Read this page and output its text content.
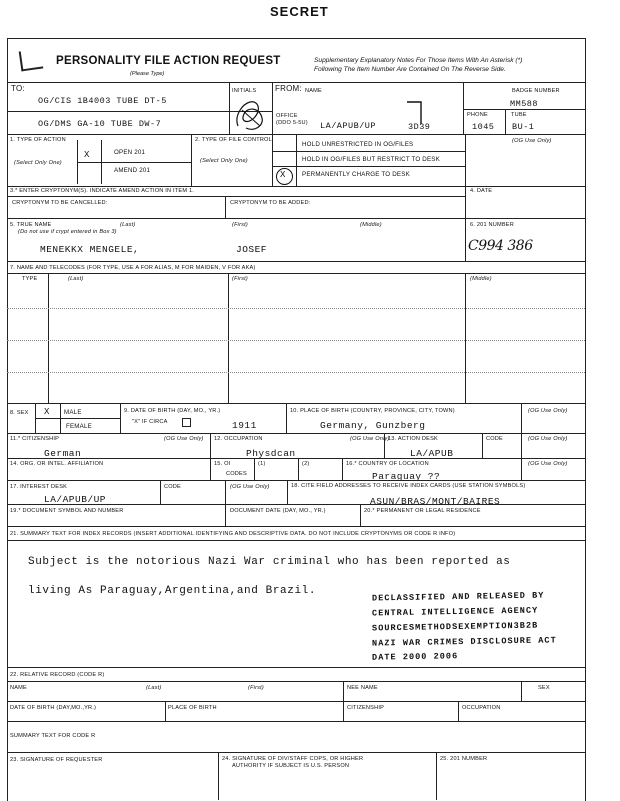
SECRET
PERSONALITY FILE ACTION REQUEST
(Please Type)
Supplementary Explanatory Notes For Those Items With An Asterisk (*)
Following The Item Number Are Contained On The Reverse Side.
TO:
OG/CIS 1B4003 TUBE DT-5
OG/DMS GA-10 TUBE DW-7
INITIALS FROM: NAME
OFFICE
(DDO 5-5U) LA/APUB/UP	3D39
BADGE NUMBER
MM588
PHONE
1045
TUBE
BU-1
1. TYPE OF ACTION
(Select Only One)
X	OPEN 201
AMEND 201
2. TYPE OF FILE CONTROL
(Select Only One)
HOLD UNRESTRICTED IN OG/FILES
HOLD IN OG/FILES BUT RESTRICT TO DESK
X	PERMANENTLY CHARGE TO DESK
(OG Use Only)
3.* ENTER CRYPTONYM(S). INDICATE AMEND ACTION IN ITEM 1.	4. DATE
CRYPTONYM TO BE CANCELLED:	CRYPTONYM TO BE ADDED:
5. TRUE NAME	(Last)	(First)	(Middle)
(Do not use if crypt entered in Box 3)
MENEKKX MENGELE,	JOSEF
6. 201 NUMBER
C994 386
7. NAME AND TELECODES (FOR TYPE, USE A FOR ALIAS, M FOR MAIDEN, V FOR AKA)
TYPE	(Last)	(First)	(Middle)
8. SEX X MALE
FEMALE
9. DATE OF BIRTH (DAY, MO., YR.)
"X" IF CIRCA	1911
10. PLACE OF BIRTH (COUNTRY, PROVINCE, CITY, TOWN)
Germany, Gunzberg
(OG Use Only)
11.* CITIZENSHIP	(OG Use Only)
German
12. OCCUPATION	(OG Use Only)
Physdcan
13. ACTION DESK
LA/APUB
CODE	(OG Use Only)
14. ORG. OR INTEL. AFFILIATION	15. OI
CODES
(1)	(2)	16.* COUNTRY OF LOCATION
Paraguay ??
(OG Use Only)
17. INTEREST DESK	CODE
LA/APUB/UP
(OG Use Only)	18. CITE FIELD ADDRESSES TO RECEIVE INDEX CARDS (USE STATION SYMBOLS)
ASUN/BRAS/MONT/BAIRES
19.* DOCUMENT SYMBOL AND NUMBER	DOCUMENT DATE (DAY, MO., YR.)	20.* PERMANENT OR LEGAL RESIDENCE
21. SUMMARY TEXT FOR INDEX RECORDS (INSERT ADDITIONAL IDENTIFYING AND DESCRIPTIVE DATA. DO NOT INCLUDE CRYPTONYMS OR CODE R INFO)
Subject is the notorious Nazi War criminal who has been reported as
living As Paraguay,Argentina,and Brazil.	DECLASSIFIED AND RELEASED BY
CENTRAL INTELLIGENCE AGENCY
SOURCESMETHODSEXEMPTION3B2B
NAZI WAR CRIMES DISCLOSURE ACT
DATE 2000 2006
22. RELATIVE RECORD (CODE R)
NAME	(Last)	(First)	NEE NAME	SEX
DATE OF BIRTH (DAY,MO.,YR.)	PLACE OF BIRTH	CITIZENSHIP	OCCUPATION
SUMMARY TEXT FOR CODE R
23. SIGNATURE OF REQUESTER	24. SIGNATURE OF DIV/STAFF COPS, OR HIGHER
AUTHORITY IF SUBJECT IS U.S. PERSON
25. 201 NUMBER
